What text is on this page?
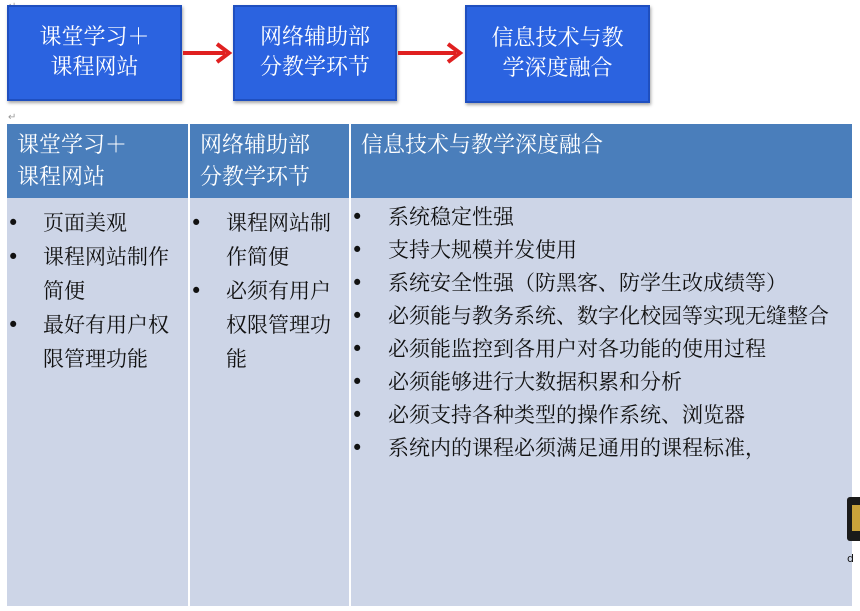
↵
课堂学习＋
课程网站
网络辅助部
分教学环节
信息技术与教
学深度融合
课堂学习＋
课程网站
网络辅助部
分教学环节
信息技术与教学深度融合
• 页面美观
• 课程网站制作简便
• 最好有用户权限管理功能
• 课程网站制作简便
• 必须有用户权限管理功能
• 系统稳定性强
• 支持大规模并发使用
• 系统安全性强（防黑客、防学生改成绩等）
• 必须能与教务系统、数字化校园等实现无缝整合
• 必须能监控到各用户对各功能的使用过程
• 必须能够进行大数据积累和分析
• 必须支持各种类型的操作系统、浏览器
• 系统内的课程必须满足通用的课程标准，
d
